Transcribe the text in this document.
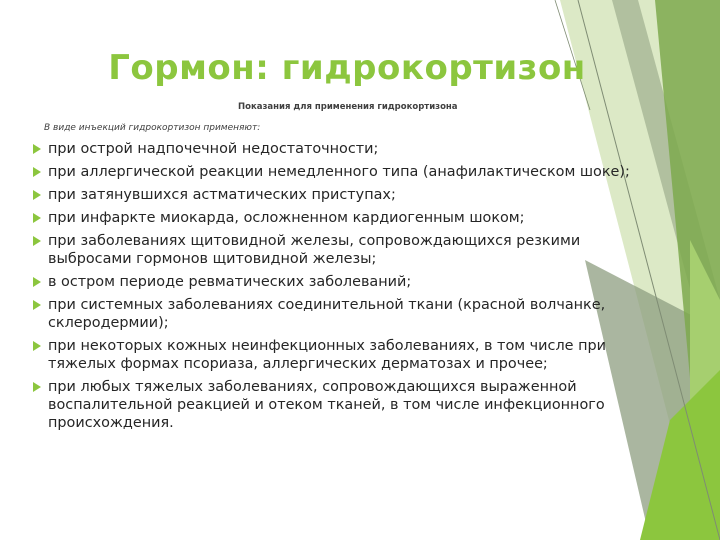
Гормон: гидрокортизон

Показания для применения гидрокортизона

В виде инъекций гидрокортизон применяют:

при острой надпочечной недостаточности;
при аллергической реакции немедленного типа (анафилактическом шоке);
при затянувшихся астматических приступах;
при инфаркте миокарда, осложненном кардиогенным шоком;
при заболеваниях щитовидной железы, сопровождающихся резкими выбросами гормонов щитовидной железы;
в остром периоде ревматических заболеваний;
при системных заболеваниях соединительной ткани (красной волчанке, склеродермии);
при некоторых кожных неинфекционных заболеваниях, в том числе при тяжелых формах псориаза, аллергических дерматозах и прочее;
при любых тяжелых заболеваниях, сопровождающихся выраженной воспалительной реакцией и отеком тканей, в том числе инфекционного происхождения.
